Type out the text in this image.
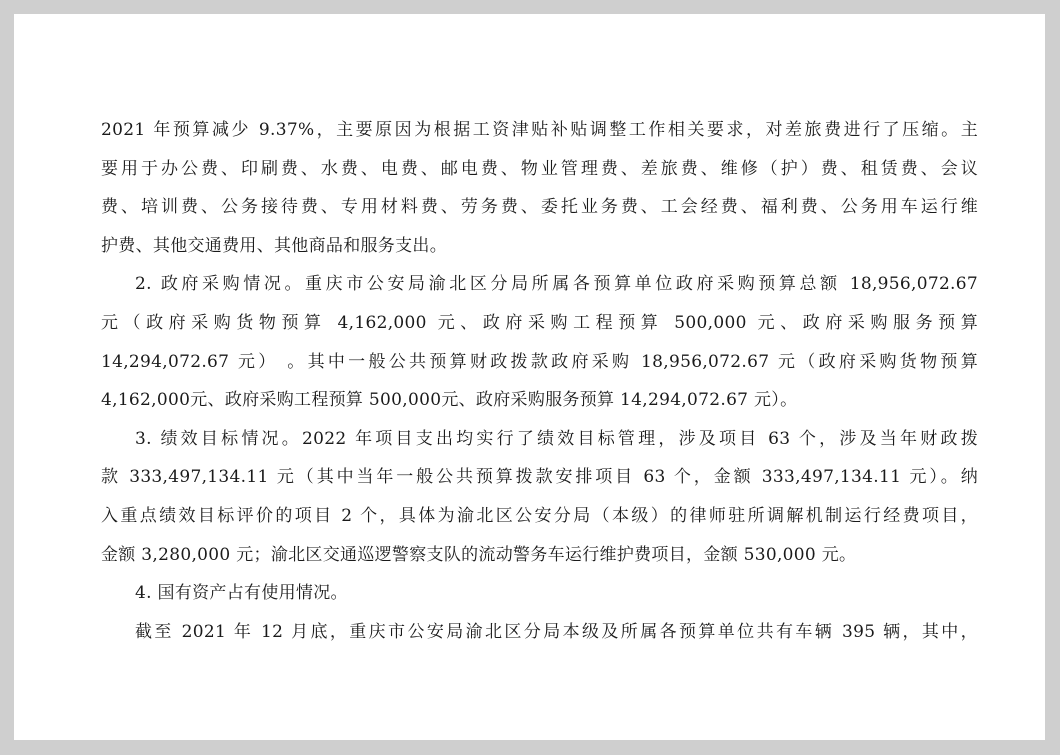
2021 年预算减少 9.37%，主要原因为根据工资津贴补贴调整工作相关要求，对差旅费进行了压缩。主
要用于办公费、印刷费、水费、电费、邮电费、物业管理费、差旅费、维修（护）费、租赁费、会议
费、培训费、公务接待费、专用材料费、劳务费、委托业务费、工会经费、福利费、公务用车运行维
护费、其他交通费用、其他商品和服务支出。
2. 政府采购情况。重庆市公安局渝北区分局所属各预算单位政府采购预算总额 18,956,072.67
元（政府采购货物预算 4,162,000 元、政府采购工程预算 500,000 元、政府采购服务预算
14,294,072.67 元） 。其中一般公共预算财政拨款政府采购 18,956,072.67 元（政府采购货物预算
4,162,000元、政府采购工程预算 500,000元、政府采购服务预算 14,294,072.67 元）。
3. 绩效目标情况。2022 年项目支出均实行了绩效目标管理，涉及项目 63 个，涉及当年财政拨
款 333,497,134.11 元（其中当年一般公共预算拨款安排项目 63 个，金额 333,497,134.11 元）。纳
入重点绩效目标评价的项目 2 个，具体为渝北区公安分局（本级）的律师驻所调解机制运行经费项目，
金额 3,280,000 元；渝北区交通巡逻警察支队的流动警务车运行维护费项目，金额 530,000 元。
4. 国有资产占有使用情况。
截至 2021 年 12 月底，重庆市公安局渝北区分局本级及所属各预算单位共有车辆 395 辆，其中，
